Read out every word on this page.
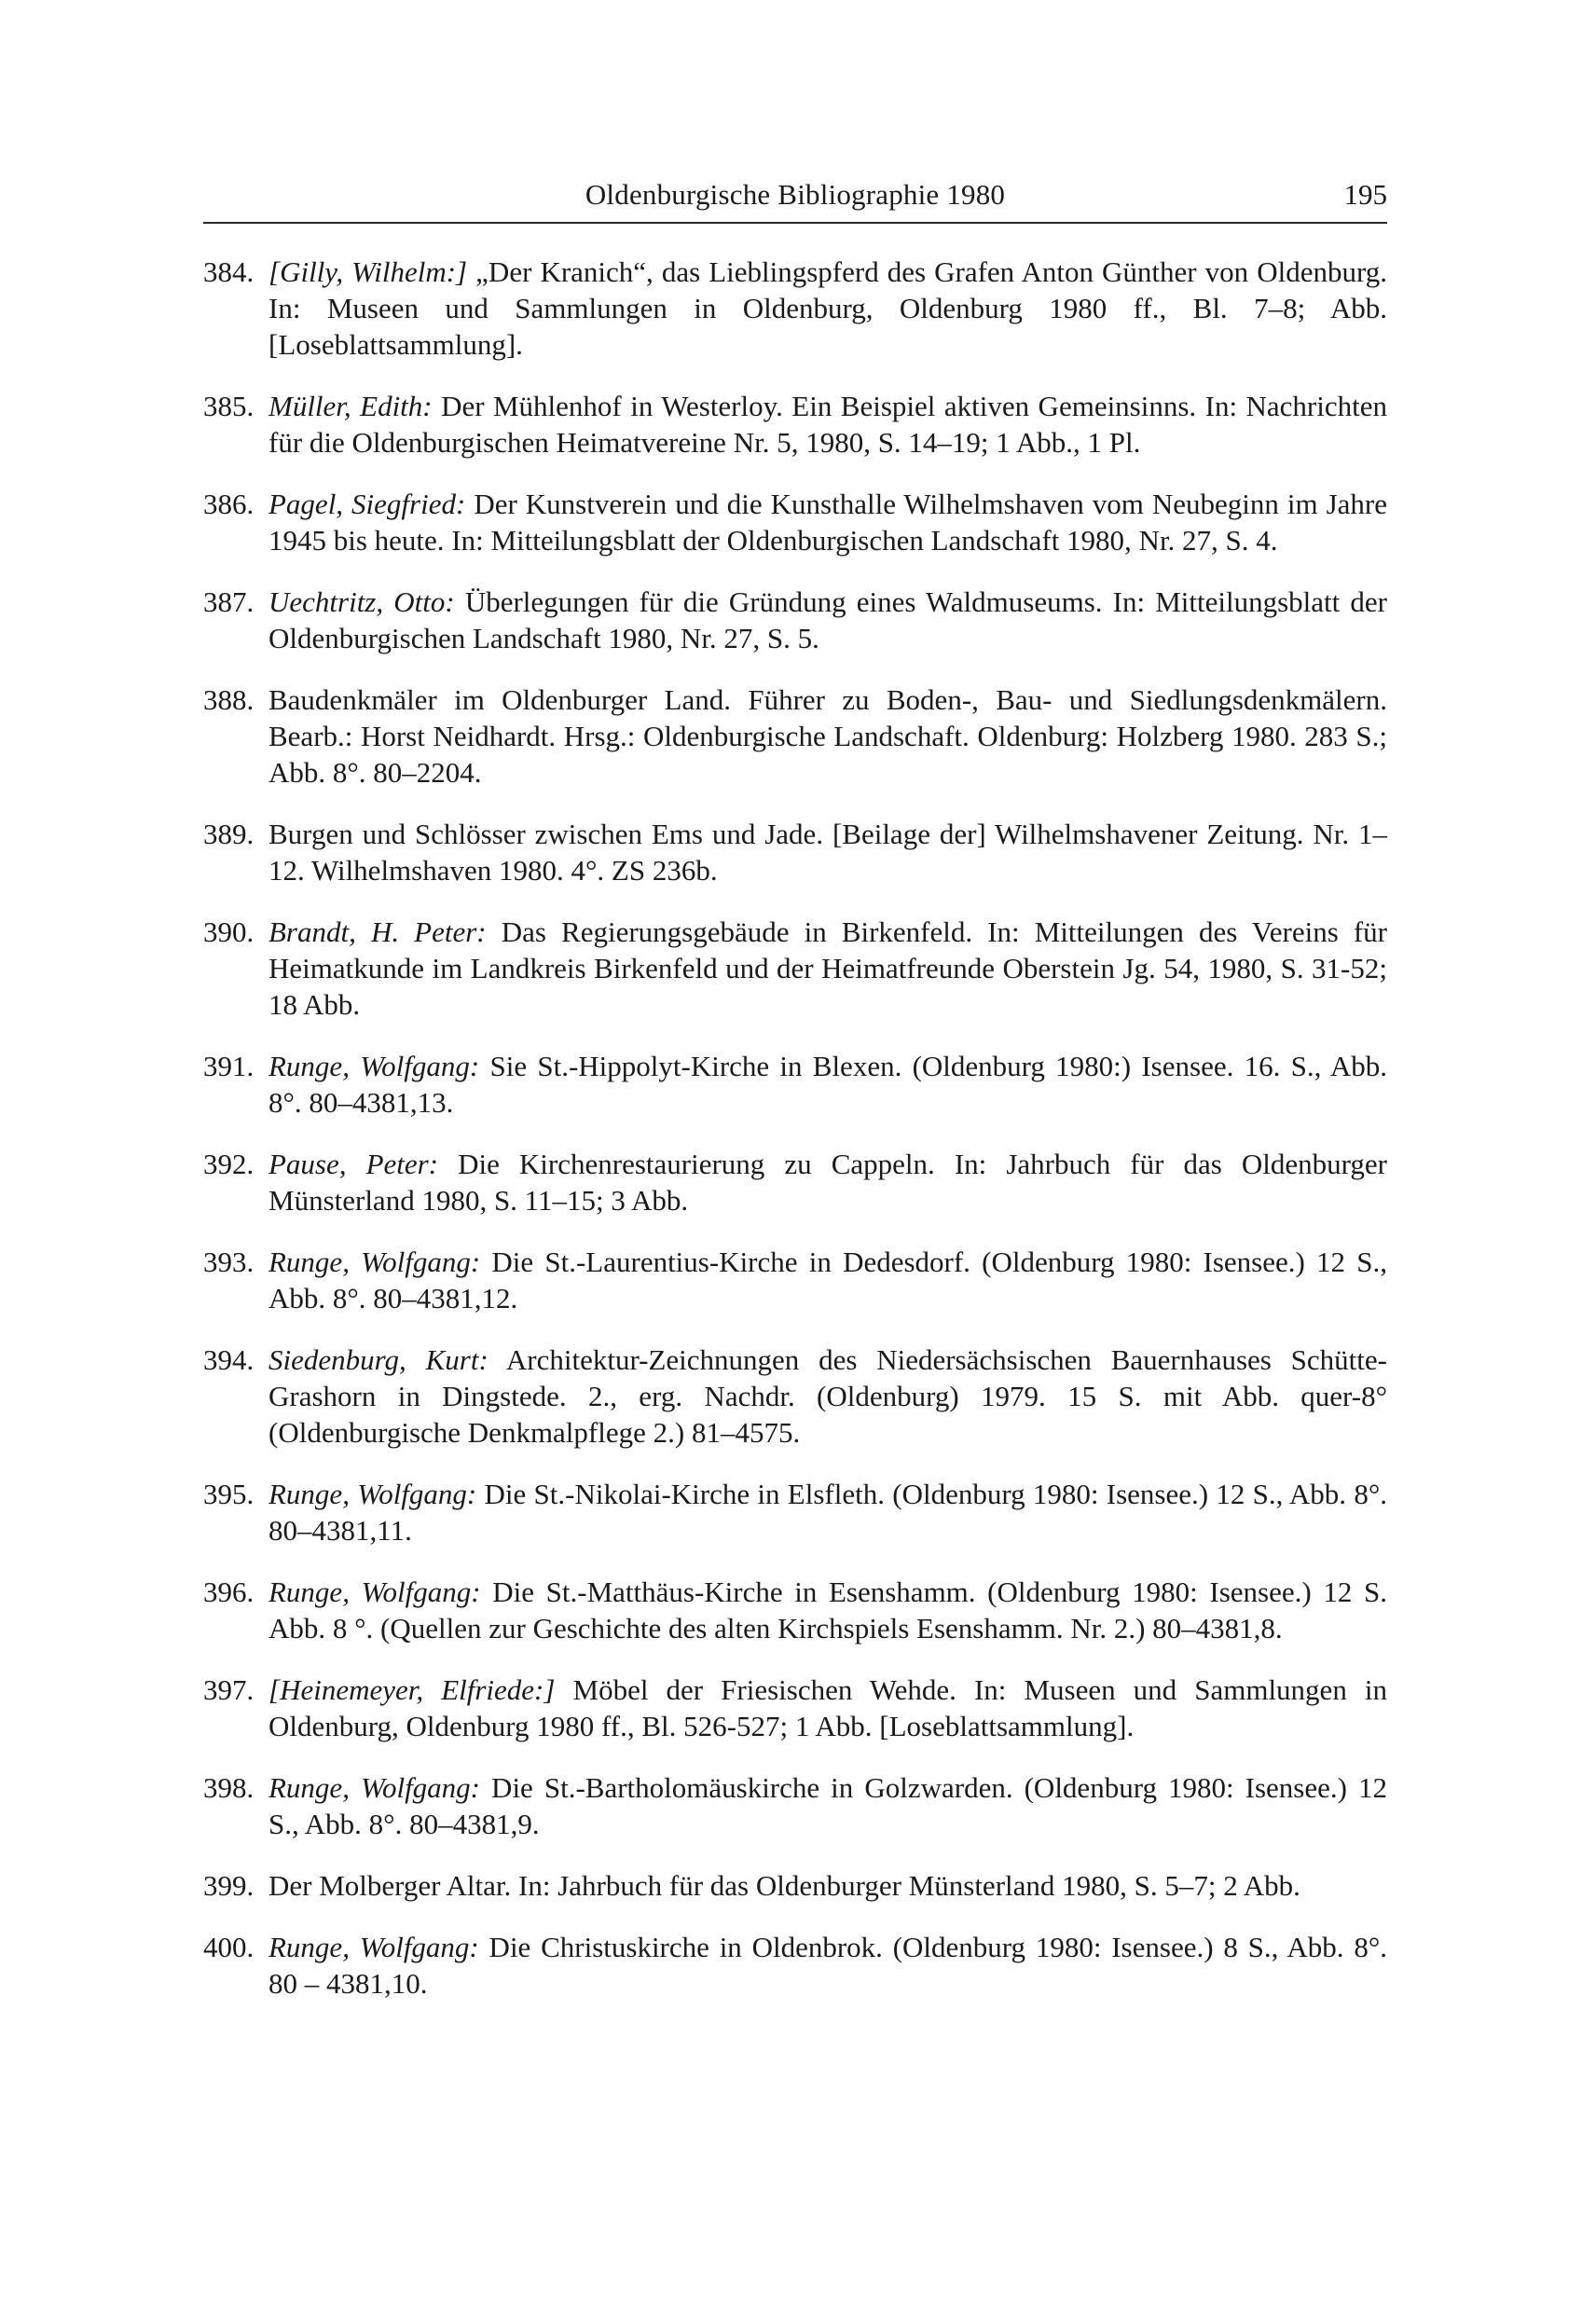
Oldenburgische Bibliographie 1980	195
384. [Gilly, Wilhelm:] „Der Kranich“, das Lieblingspferd des Grafen Anton Günther von Oldenburg. In: Museen und Sammlungen in Oldenburg, Oldenburg 1980 ff., Bl. 7–8; Abb. [Loseblattsammlung].
385. Müller, Edith: Der Mühlenhof in Westerloy. Ein Beispiel aktiven Gemeinsinns. In: Nachrichten für die Oldenburgischen Heimatvereine Nr. 5, 1980, S. 14–19; 1 Abb., 1 Pl.
386. Pagel, Siegfried: Der Kunstverein und die Kunsthalle Wilhelmshaven vom Neubeginn im Jahre 1945 bis heute. In: Mitteilungsblatt der Oldenburgischen Landschaft 1980, Nr. 27, S. 4.
387. Uechtritz, Otto: Überlegungen für die Gründung eines Waldmuseums. In: Mitteilungsblatt der Oldenburgischen Landschaft 1980, Nr. 27, S. 5.
388. Baudenkmäler im Oldenburger Land. Führer zu Boden-, Bau- und Siedlungsdenkmälern. Bearb.: Horst Neidhardt. Hrsg.: Oldenburgische Landschaft. Oldenburg: Holzberg 1980. 283 S.; Abb. 8°. 80–2204.
389. Burgen und Schlösser zwischen Ems und Jade. [Beilage der] Wilhelmshavener Zeitung. Nr. 1–12. Wilhelmshaven 1980. 4°. ZS 236b.
390. Brandt, H. Peter: Das Regierungsgebäude in Birkenfeld. In: Mitteilungen des Vereins für Heimatkunde im Landkreis Birkenfeld und der Heimatfreunde Oberstein Jg. 54, 1980, S. 31-52; 18 Abb.
391. Runge, Wolfgang: Sie St.-Hippolyt-Kirche in Blexen. (Oldenburg 1980:) Isensee. 16. S., Abb. 8°. 80–4381,13.
392. Pause, Peter: Die Kirchenrestaurierung zu Cappeln. In: Jahrbuch für das Oldenburger Münsterland 1980, S. 11–15; 3 Abb.
393. Runge, Wolfgang: Die St.-Laurentius-Kirche in Dedesdorf. (Oldenburg 1980: Isensee.) 12 S., Abb. 8°. 80–4381,12.
394. Siedenburg, Kurt: Architektur-Zeichnungen des Niedersächsischen Bauernhauses Schütte-Grashorn in Dingstede. 2., erg. Nachdr. (Oldenburg) 1979. 15 S. mit Abb. quer-8° (Oldenburgische Denkmalpflege 2.) 81–4575.
395. Runge, Wolfgang: Die St.-Nikolai-Kirche in Elsfleth. (Oldenburg 1980: Isensee.) 12 S., Abb. 8°. 80–4381,11.
396. Runge, Wolfgang: Die St.-Matthäus-Kirche in Esenshamm. (Oldenburg 1980: Isensee.) 12 S. Abb. 8 °. (Quellen zur Geschichte des alten Kirchspiels Esenshamm. Nr. 2.) 80–4381,8.
397. [Heinemeyer, Elfriede:] Möbel der Friesischen Wehde. In: Museen und Sammlungen in Oldenburg, Oldenburg 1980 ff., Bl. 526-527; 1 Abb. [Loseblattsammlung].
398. Runge, Wolfgang: Die St.-Bartholomäuskirche in Golzwarden. (Oldenburg 1980: Isensee.) 12 S., Abb. 8°. 80–4381,9.
399. Der Molberger Altar. In: Jahrbuch für das Oldenburger Münsterland 1980, S. 5–7; 2 Abb.
400. Runge, Wolfgang: Die Christuskirche in Oldenbrok. (Oldenburg 1980: Isensee.) 8 S., Abb. 8°. 80 – 4381,10.
